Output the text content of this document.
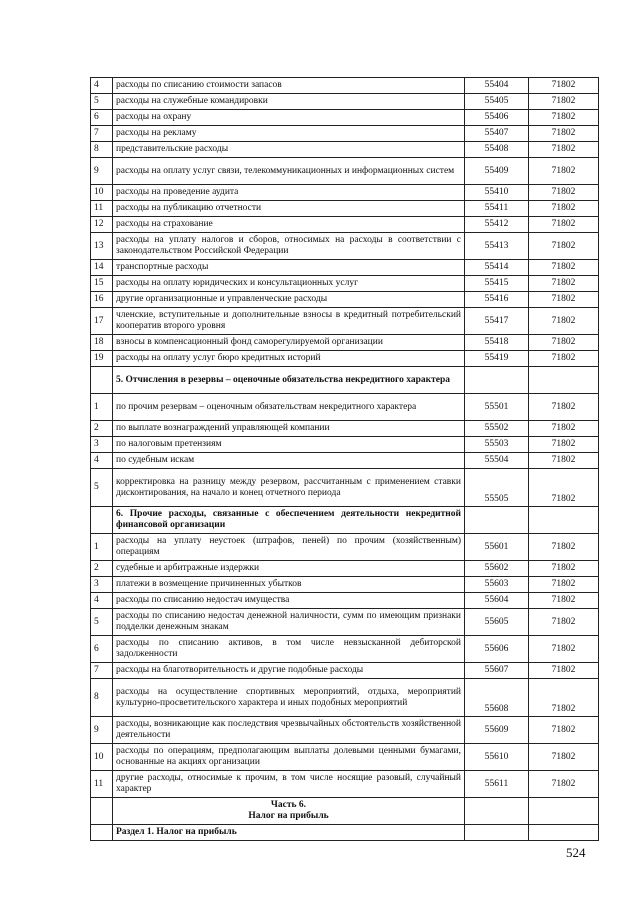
4	расходы по списанию стоимости запасов	55404	71802
5	расходы на служебные командировки	55405	71802
6	расходы на охрану	55406	71802
7	расходы на рекламу	55407	71802
8	представительские расходы	55408	71802
9	расходы на оплату услуг связи, телекоммуникационных и информационных систем	55409	71802
10	расходы на проведение аудита	55410	71802
11	расходы на публикацию отчетности	55411	71802
12	расходы на страхование	55412	71802
13	расходы на уплату налогов и сборов, относимых на расходы в соответствии с законодательством Российской Федерации	55413	71802
14	транспортные расходы	55414	71802
15	расходы на оплату юридических и консультационных услуг	55415	71802
16	другие организационные и управленческие расходы	55416	71802
17	членские, вступительные и дополнительные взносы в кредитный потребительский кооператив второго уровня	55417	71802
18	взносы в компенсационный фонд саморегулируемой организации	55418	71802
19	расходы на оплату услуг бюро кредитных историй	55419	71802
	5. Отчисления в резервы – оценочные обязательства некредитного характера		
1	по прочим резервам – оценочным обязательствам некредитного характера	55501	71802
2	по выплате вознаграждений управляющей компании	55502	71802
3	по налоговым претензиям	55503	71802
4	по судебным искам	55504	71802
5	корректировка на разницу между резервом, рассчитанным с применением ставки дисконтирования, на начало и конец отчетного периода	55505	71802
	6. Прочие расходы, связанные с обеспечением деятельности некредитной финансовой организации		
1	расходы на уплату неустоек (штрафов, пеней) по прочим (хозяйственным) операциям	55601	71802
2	судебные и арбитражные издержки	55602	71802
3	платежи в возмещение причиненных убытков	55603	71802
4	расходы по списанию недостач имущества	55604	71802
5	расходы по списанию недостач денежной наличности, сумм по имеющим признаки подделки денежным знакам	55605	71802
6	расходы по списанию активов, в том числе невзысканной дебиторской задолженности	55606	71802
7	расходы на благотворительность и другие подобные расходы	55607	71802
8	расходы на осуществление спортивных мероприятий, отдыха, мероприятий культурно-просветительского характера и иных подобных мероприятий	55608	71802
9	расходы, возникающие как последствия чрезвычайных обстоятельств хозяйственной деятельности	55609	71802
10	расходы по операциям, предполагающим выплаты долевыми ценными бумагами, основанные на акциях организации	55610	71802
11	другие расходы, относимые к прочим, в том числе носящие разовый, случайный характер	55611	71802

	Часть 6.
Налог на прибыль		

	Раздел 1. Налог на прибыль		
524
